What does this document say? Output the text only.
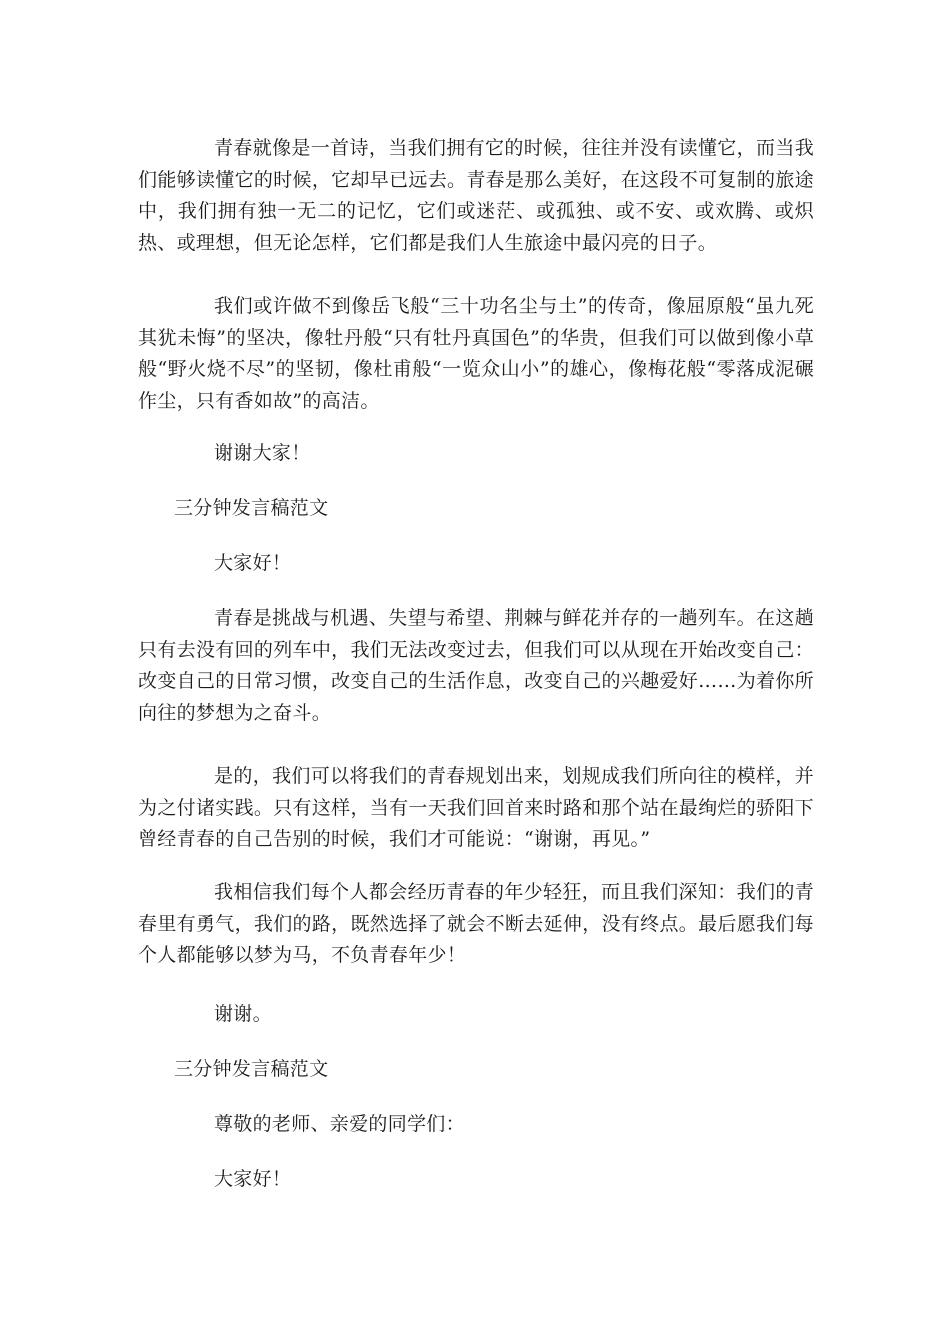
青春就像是一首诗，当我们拥有它的时候，往往并没有读懂它，而当我们能够读懂它的时候，它却早已远去。青春是那么美好，在这段不可复制的旅途中，我们拥有独一无二的记忆，它们或迷茫、或孤独、或不安、或欢腾、或炽热、或理想，但无论怎样，它们都是我们人生旅途中最闪亮的日子。

我们或许做不到像岳飞般“三十功名尘与土”的传奇，像屈原般“虽九死其犹未悔”的坚决，像牡丹般“只有牡丹真国色”的华贵，但我们可以做到像小草般“野火烧不尽”的坚韧，像杜甫般“一览众山小”的雄心，像梅花般“零落成泥碾作尘，只有香如故”的高洁。

谢谢大家！

三分钟发言稿范文

大家好！

青春是挑战与机遇、失望与希望、荆棘与鲜花并存的一趟列车。在这趟只有去没有回的列车中，我们无法改变过去，但我们可以从现在开始改变自己：改变自己的日常习惯，改变自己的生活作息，改变自己的兴趣爱好……为着你所向往的梦想为之奋斗。

是的，我们可以将我们的青春规划出来，划规成我们所向往的模样，并为之付诸实践。只有这样，当有一天我们回首来时路和那个站在最绚烂的骄阳下曾经青春的自己告别的时候，我们才可能说：“谢谢，再见。”

我相信我们每个人都会经历青春的年少轻狂，而且我们深知：我们的青春里有勇气，我们的路，既然选择了就会不断去延伸，没有终点。最后愿我们每个人都能够以梦为马，不负青春年少！

谢谢。

三分钟发言稿范文

尊敬的老师、亲爱的同学们：

大家好！
